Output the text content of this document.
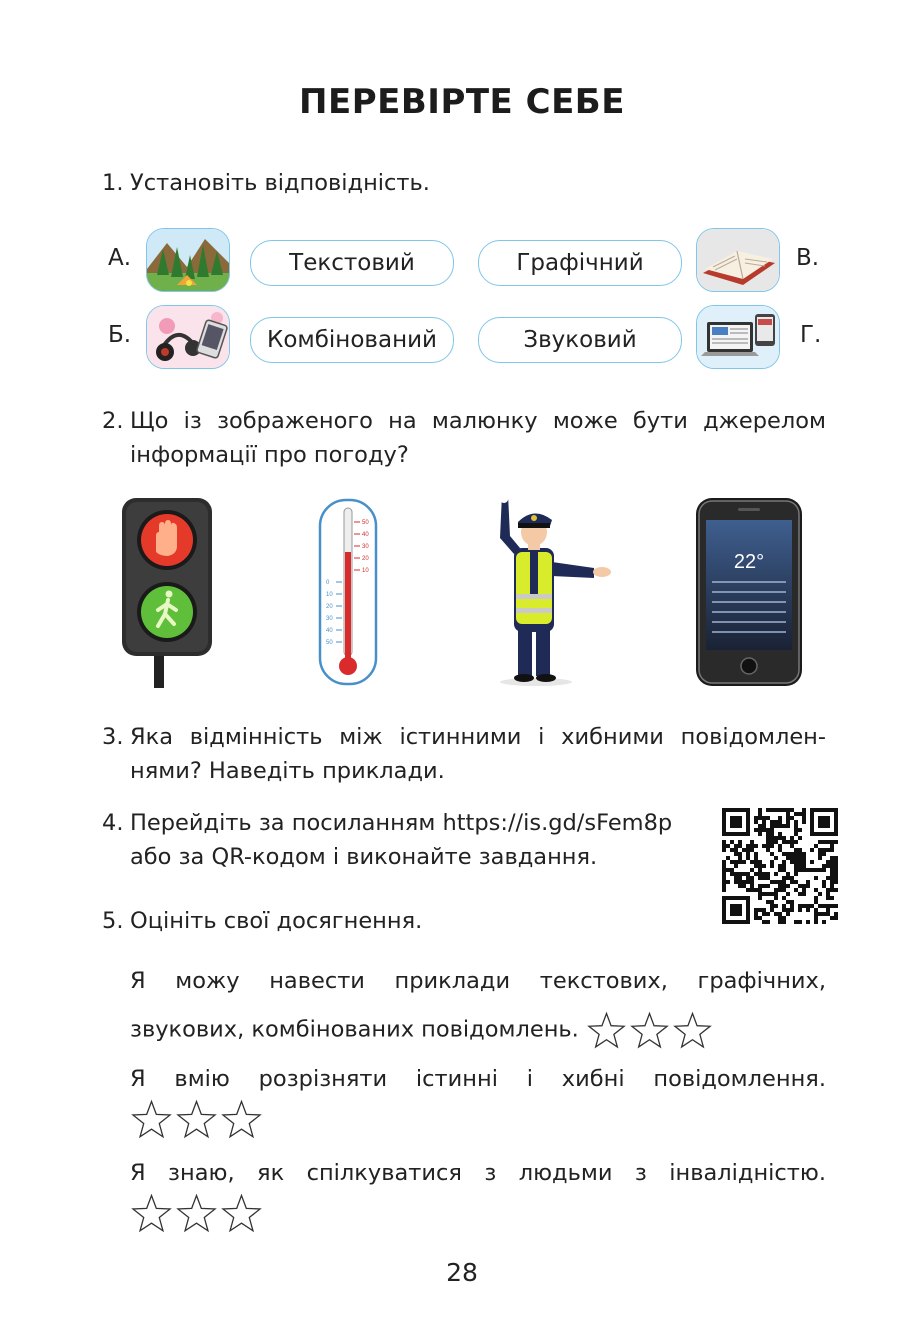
ПЕРЕВІРТЕ СЕБЕ
1. Установіть відповідність.
А.
Б.
В.
Г.
Текстовий	Графічний
Комбінований	Звуковий
2. Що із зображеного на малюнку може бути джерелом
інформації про погоду?
50
40
30
20
10
0
10
20
30
40
50
22°
3. Яка відмінність між істинними і хибними повідомлен-
нями? Наведіть приклади.
4. Перейдіть за посиланням https://is.gd/sFem8p
або за QR-кодом і виконайте завдання.
5. Оцініть свої досягнення.
Я можу навести приклади текстових, графічних,
звукових, комбінованих повідомлень.
Я вмію розрізняти істинні і хибні повідомлення.
Я знаю, як спілкуватися з людьми з інвалідністю.
28
